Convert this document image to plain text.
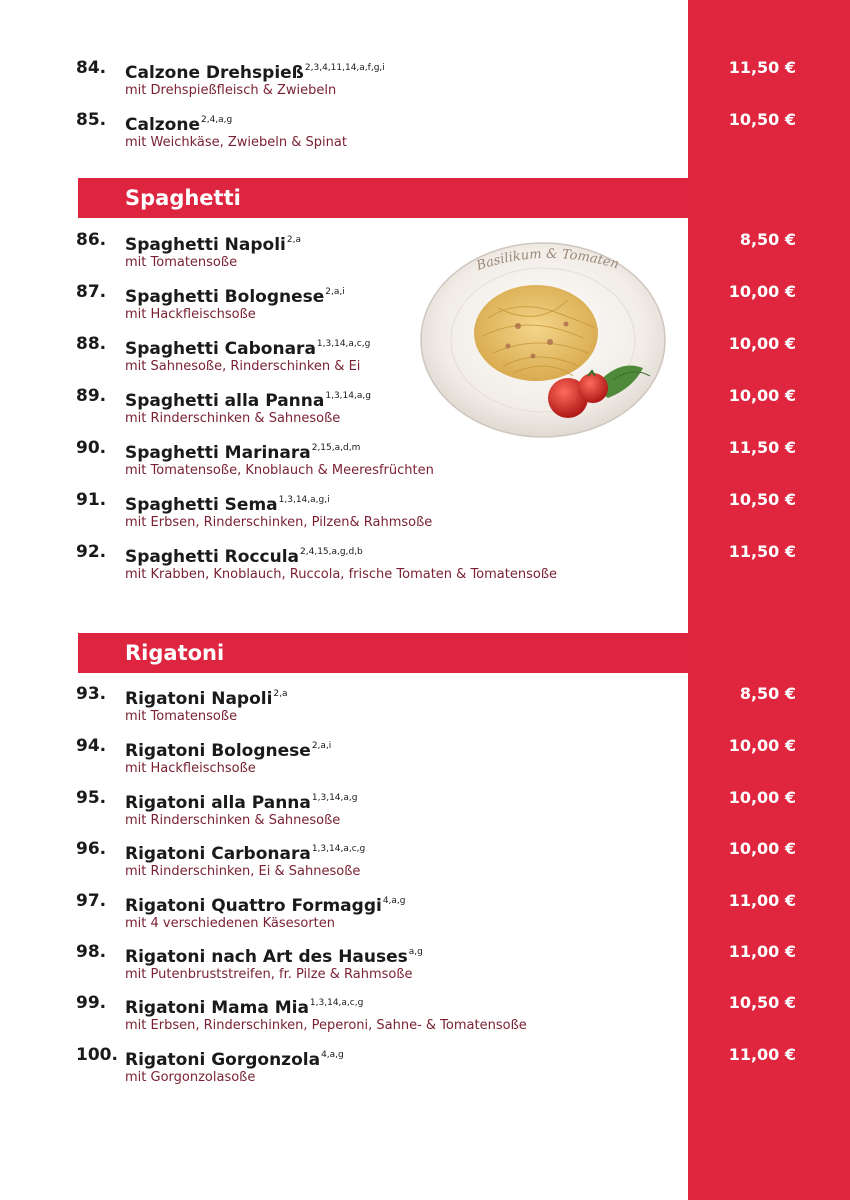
84.	Calzone Drehspieß$^{2,3,4,11,14,a,f,g,i}$
mit Drehspießfleisch & Zwiebeln
11,50 €
85.	Calzone$^{2,4,a,g}$
mit Weichkäse, Zwiebeln & Spinat
10,50 €
Spaghetti
Basilikum & Tomaten
86.	Spaghetti Napoli$^{2,a}$
mit Tomatensoße
8,50 €
87.	Spaghetti Bolognese$^{2,a,i}$
mit Hackfleischsoße
10,00 €
88.	Spaghetti Cabonara$^{1,3,14,a,c,g}$
mit Sahnesoße, Rinderschinken & Ei
10,00 €
89.	Spaghetti alla Panna$^{1,3,14,a,g}$
mit Rinderschinken & Sahnesoße
10,00 €
90.	Spaghetti Marinara$^{2,15,a,d,m}$
mit Tomatensoße, Knoblauch & Meeresfrüchten
11,50 €
91.	Spaghetti Sema$^{1,3,14,a,g,i}$
mit Erbsen, Rinderschinken, Pilzen& Rahmsoße
10,50 €
92.	Spaghetti Roccula$^{2,4,15,a,g,d,b}$
mit Krabben, Knoblauch, Ruccola, frische Tomaten & Tomatensoße
11,50 €
Rigatoni
93.	Rigatoni Napoli$^{2,a}$
mit Tomatensoße
8,50 €
94.	Rigatoni Bolognese$^{2,a,i}$
mit Hackfleischsoße
10,00 €
95.	Rigatoni alla Panna$^{1,3,14,a,g}$
mit Rinderschinken & Sahnesoße
10,00 €
96.	Rigatoni Carbonara$^{1,3,14,a,c,g}$
mit Rinderschinken, Ei & Sahnesoße
10,00 €
97.	Rigatoni Quattro Formaggi$^{4,a,g}$
mit 4 verschiedenen Käsesorten
11,00 €
98.	Rigatoni nach Art des Hauses$^{a,g}$
mit Putenbruststreifen, fr. Pilze & Rahmsoße
11,00 €
99.	Rigatoni Mama Mia$^{1,3,14,a,c,g}$
mit Erbsen, Rinderschinken, Peperoni, Sahne- & Tomatensoße
10,50 €
100. Rigatoni Gorgonzola$^{4,a,g}$
mit Gorgonzolasoße
11,00 €
